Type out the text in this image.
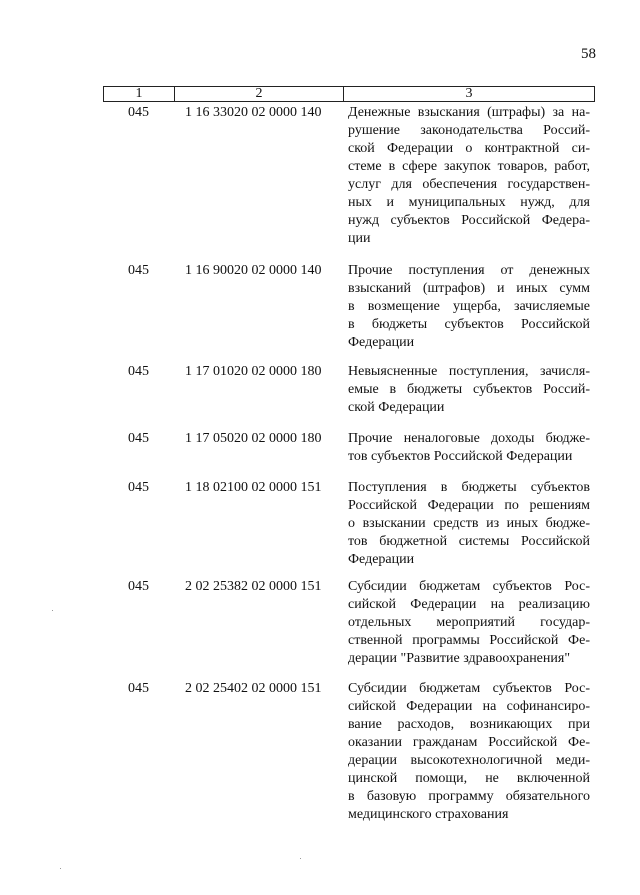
58
1	2	3
045	1 16 33020 02 0000 140 Денежные взыскания (штрафы) за на-
рушение законодательства Россий-
ской Федерации о контрактной си-
стеме в сфере закупок товаров, работ,
услуг для обеспечения государствен-
ных и муниципальных нужд, для
нужд субъектов Российской Федера-
ции
045	1 16 90020 02 0000 140 Прочие поступления от денежных
взысканий (штрафов) и иных сумм
в возмещение ущерба, зачисляемые
в бюджеты субъектов Российской
Федерации
045	1 17 01020 02 0000 180 Невыясненные поступления, зачисля-
емые в бюджеты субъектов Россий-
ской Федерации
045	1 17 05020 02 0000 180 Прочие неналоговые доходы бюдже-
тов субъектов Российской Федерации
045	1 18 02100 02 0000 151 Поступления в бюджеты субъектов
Российской Федерации по решениям
о взыскании средств из иных бюдже-
тов бюджетной системы Российской
Федерации
045	2 02 25382 02 0000 151 Субсидии бюджетам субъектов Рос-
сийской Федерации на реализацию
отдельных мероприятий государ-
ственной программы Российской Фе-
дерации "Развитие здравоохранения"
045	2 02 25402 02 0000 151 Субсидии бюджетам субъектов Рос-
сийской Федерации на софинансиро-
вание расходов, возникающих при
оказании гражданам Российской Фе-
дерации высокотехнологичной меди-
цинской помощи, не включенной
в базовую программу обязательного
медицинского страхования
